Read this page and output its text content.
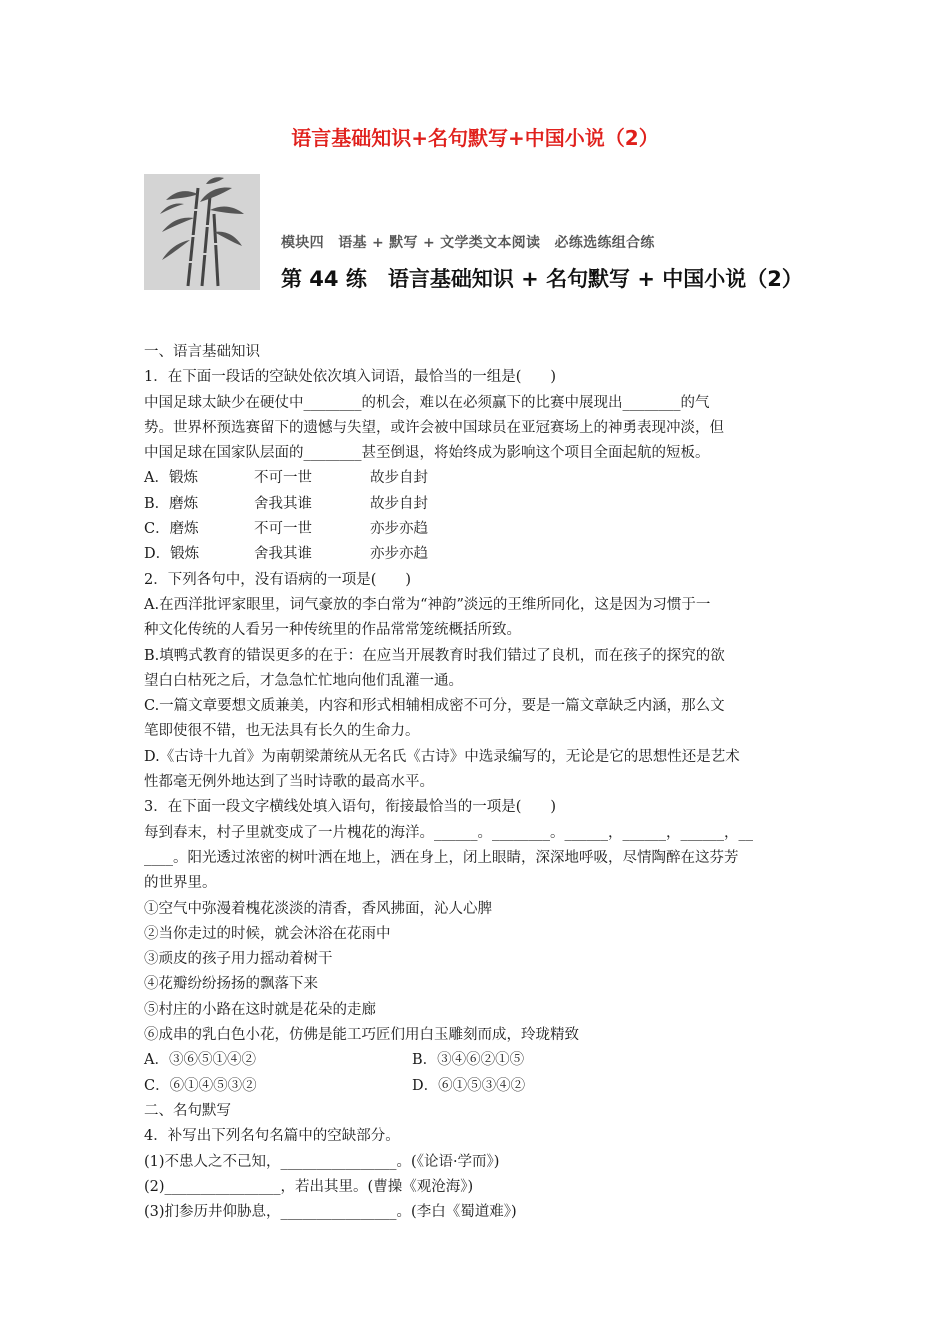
语言基础知识+名句默写+中国小说（2）
模块四　语基 + 默写 + 文学类文本阅读　必练选练组合练
第 44 练　语言基础知识 + 名句默写 + 中国小说（2）
一、语言基础知识
1．在下面一段话的空缺处依次填入词语，最恰当的一组是(　　)
中国足球太缺少在硬仗中________的机会，难以在必须赢下的比赛中展现出________的气
势。世界杯预选赛留下的遗憾与失望，或许会被中国球员在亚冠赛场上的神勇表现冲淡，但
中国足球在国家队层面的________甚至倒退，将始终成为影响这个项目全面起航的短板。
A．锻炼	不可一世	故步自封
B．磨炼	舍我其谁	故步自封
C．磨炼	不可一世	亦步亦趋
D．锻炼	舍我其谁	亦步亦趋
2．下列各句中，没有语病的一项是(　　)
A.在西洋批评家眼里，词气豪放的李白常为“神韵”淡远的王维所同化，这是因为习惯于一
种文化传统的人看另一种传统里的作品常常笼统概括所致。
B.填鸭式教育的错误更多的在于：在应当开展教育时我们错过了良机，而在孩子的探究的欲
望白白枯死之后，才急急忙忙地向他们乱灌一通。
C.一篇文章要想文质兼美，内容和形式相辅相成密不可分，要是一篇文章缺乏内涵，那么文
笔即使很不错，也无法具有长久的生命力。
D.《古诗十九首》为南朝梁萧统从无名氏《古诗》中选录编写的，无论是它的思想性还是艺术
性都毫无例外地达到了当时诗歌的最高水平。
3．在下面一段文字横线处填入语句，衔接最恰当的一项是(　　)
每到春末，村子里就变成了一片槐花的海洋。______。________。______，______，______，__
____。阳光透过浓密的树叶洒在地上，洒在身上，闭上眼睛，深深地呼吸，尽情陶醉在这芬芳
的世界里。
①空气中弥漫着槐花淡淡的清香，香风拂面，沁人心脾
②当你走过的时候，就会沐浴在花雨中
③顽皮的孩子用力摇动着树干
④花瓣纷纷扬扬的飘落下来
⑤村庄的小路在这时就是花朵的走廊
⑥成串的乳白色小花，仿佛是能工巧匠们用白玉雕刻而成，玲珑精致
A．③⑥⑤①④②	B．③④⑥②①⑤
C．⑥①④⑤③②	D．⑥①⑤③④②
二、名句默写
4．补写出下列名句名篇中的空缺部分。
(1)不患人之不己知，________________。(《论语·学而》)
(2)________________，若出其里。(曹操《观沧海》)
(3)扪参历井仰胁息，________________。(李白《蜀道难》)
